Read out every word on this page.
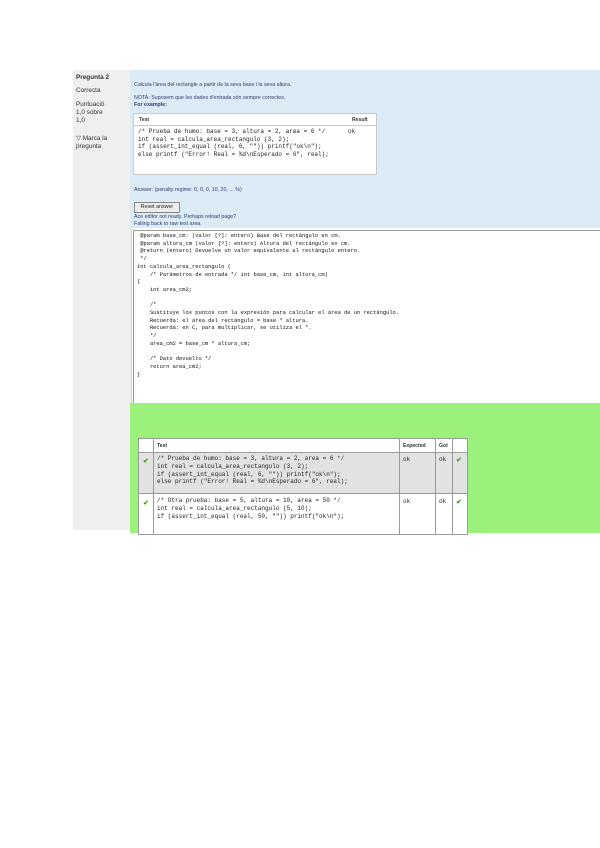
Pregunta 2
Correcta
Puntuació
1,0 sobre
1,0
▽ Marca la
pregunta
Calcula l'àrea del rectangle a partir de la seva base i la seva altura.
NOTA: Suposem que les dades d'entrada són sempre correctes.
For example:
Test	Result
/* Prueba de humo: base = 3, altura = 2, area = 6 */
int real = calcula_area_rectangulo (3, 2);
if (assert_int_equal (real, 6, "")) printf("ok\n");
else printf ("Error! Real = %d\nEsperado = 6", real);
ok
Answer: (penalty regime: 0, 0, 0, 10, 20, ... %)
Reset answer
Ace editor not ready. Perhaps reload page?
Falling back to raw text area.
@param base_cm: (valor [?]: entero) Base del rectángulo en cm.
@param altura_cm (valor [?]: entero) Altura del rectángulo en cm.
@return (entero) Devuelve un valor equivalente al rectángulo entero.
*/
int calcula_area_rectangulo (
/* Parámetros de entrada */ int base_cm, int altura_cm)
{
int area_cm2;

/*
Sustituye los puntos con la expresión para calcular el área de un rectángulo.
Recuerda: el área del rectángulo = base * altura.
Recuerda: en C, para multiplicar, se utiliza el *.
*/
area_cm2 = base_cm * altura_cm;

/* Dato devuelto */
return area_cm2;
}
Test	Expected	Got
✔	/* Prueba de humo: base = 3, altura = 2, area = 6 */
int real = calcula_area_rectangulo (3, 2);
if (assert_int_equal (real, 6, "")) printf("ok\n");
else printf ("Error! Real = %d\nEsperado = 6", real);
ok	ok ✔
✔	/* Otra prueba: base = 5, altura = 10, area = 50 */
int real = calcula_area_rectangulo (5, 10);
if (assert_int_equal (real, 50, "")) printf("ok\n");
ok	ok ✔
